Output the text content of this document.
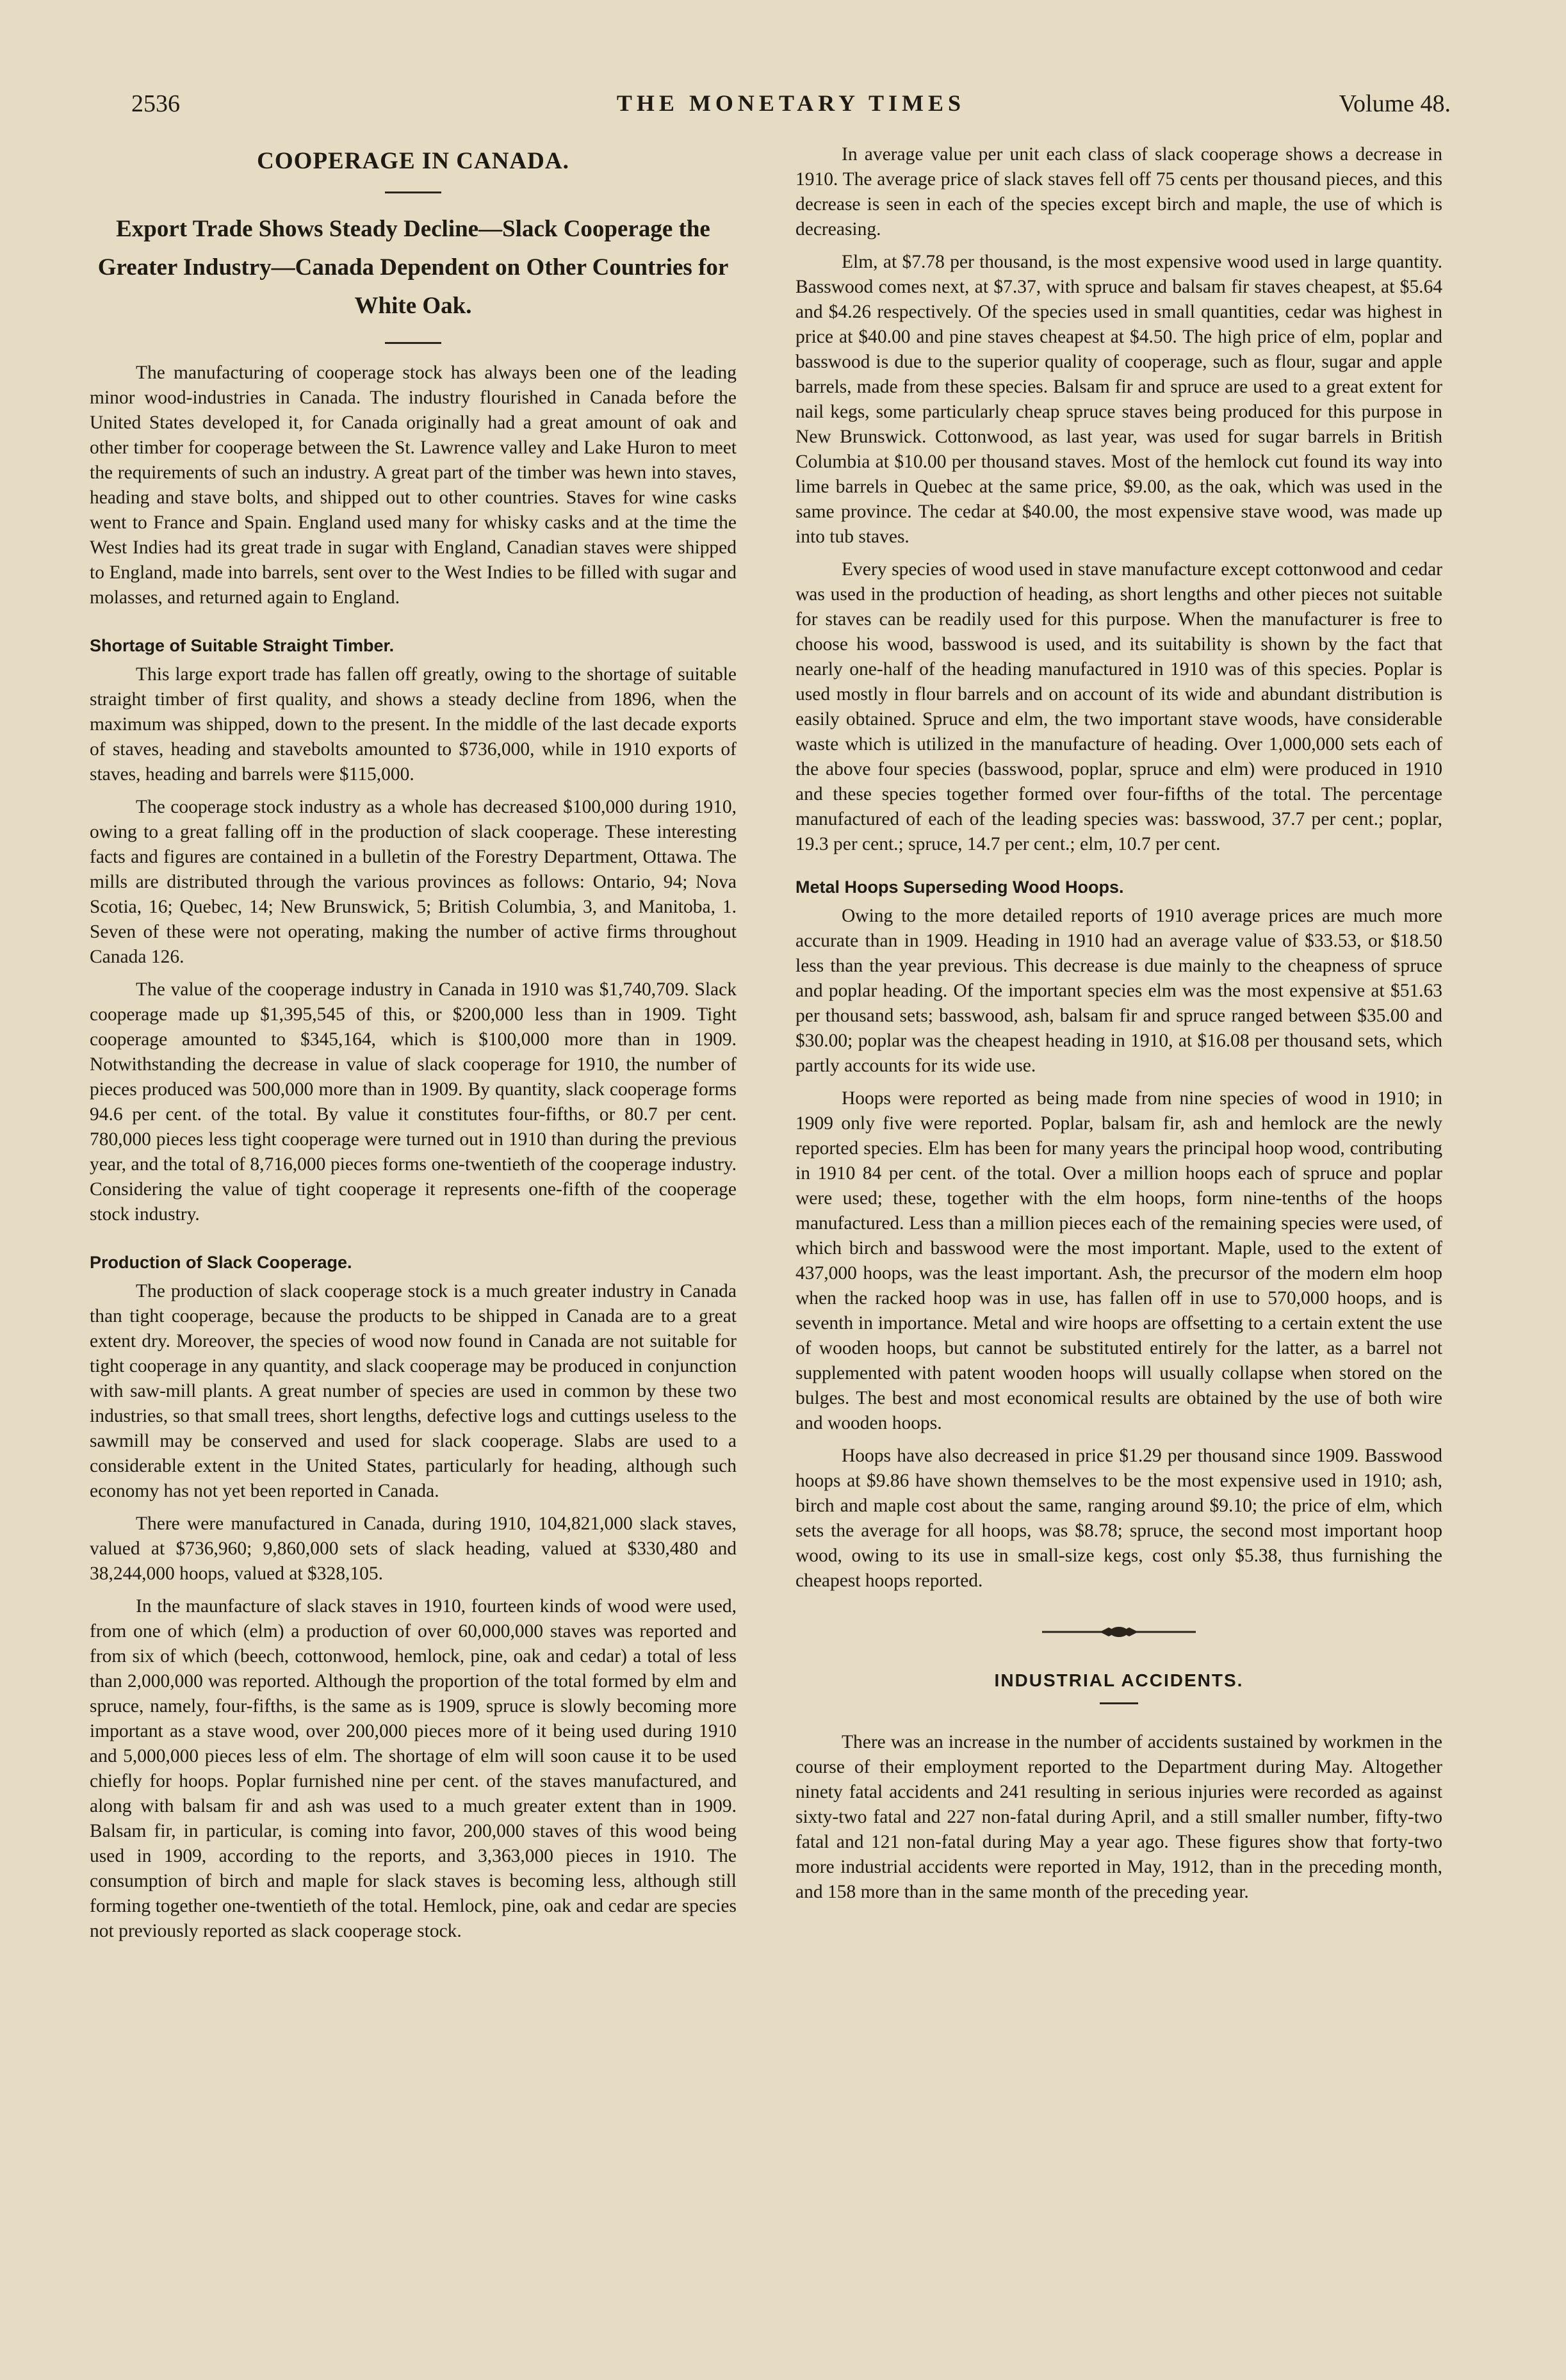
2536	THE MONETARY TIMES	Volume 48.
COOPERAGE IN CANADA.
Export Trade Shows Steady Decline—Slack Cooperage the Greater Industry—Canada Dependent on Other Countries for White Oak.

The manufacturing of cooperage stock has always been one of the leading minor wood-industries in Canada. The industry flourished in Canada before the United States developed it, for Canada originally had a great amount of oak and other timber for cooperage between the St. Lawrence valley and Lake Huron to meet the requirements of such an industry. A great part of the timber was hewn into staves, heading and stave bolts, and shipped out to other countries. Staves for wine casks went to France and Spain. England used many for whisky casks and at the time the West Indies had its great trade in sugar with England, Canadian staves were shipped to England, made into barrels, sent over to the West Indies to be filled with sugar and molasses, and returned again to England.

Shortage of Suitable Straight Timber.

This large export trade has fallen off greatly, owing to the shortage of suitable straight timber of first quality, and shows a steady decline from 1896, when the maximum was shipped, down to the present. In the middle of the last decade exports of staves, heading and stavebolts amounted to $736,000, while in 1910 exports of staves, heading and barrels were $115,000.

The cooperage stock industry as a whole has decreased $100,000 during 1910, owing to a great falling off in the production of slack cooperage. These interesting facts and figures are contained in a bulletin of the Forestry Department, Ottawa. The mills are distributed through the various provinces as follows: Ontario, 94; Nova Scotia, 16; Quebec, 14; New Brunswick, 5; British Columbia, 3, and Manitoba, 1. Seven of these were not operating, making the number of active firms throughout Canada 126.

The value of the cooperage industry in Canada in 1910 was $1,740,709. Slack cooperage made up $1,395,545 of this, or $200,000 less than in 1909. Tight cooperage amounted to $345,164, which is $100,000 more than in 1909. Notwithstanding the decrease in value of slack cooperage for 1910, the number of pieces produced was 500,000 more than in 1909. By quantity, slack cooperage forms 94.6 per cent. of the total. By value it constitutes four-fifths, or 80.7 per cent. 780,000 pieces less tight cooperage were turned out in 1910 than during the previous year, and the total of 8,716,000 pieces forms one-twentieth of the cooperage industry. Considering the value of tight cooperage it represents one-fifth of the cooperage stock industry.

Production of Slack Cooperage.

The production of slack cooperage stock is a much greater industry in Canada than tight cooperage, because the products to be shipped in Canada are to a great extent dry. Moreover, the species of wood now found in Canada are not suitable for tight cooperage in any quantity, and slack cooperage may be produced in conjunction with saw-mill plants. A great number of species are used in common by these two industries, so that small trees, short lengths, defective logs and cuttings useless to the sawmill may be conserved and used for slack cooperage. Slabs are used to a considerable extent in the United States, particularly for heading, although such economy has not yet been reported in Canada.

There were manufactured in Canada, during 1910, 104,821,000 slack staves, valued at $736,960; 9,860,000 sets of slack heading, valued at $330,480 and 38,244,000 hoops, valued at $328,105.

In the maunfacture of slack staves in 1910, fourteen kinds of wood were used, from one of which (elm) a production of over 60,000,000 staves was reported and from six of which (beech, cottonwood, hemlock, pine, oak and cedar) a total of less than 2,000,000 was reported. Although the proportion of the total formed by elm and spruce, namely, four-fifths, is the same as is 1909, spruce is slowly becoming more important as a stave wood, over 200,000 pieces more of it being used during 1910 and 5,000,000 pieces less of elm. The shortage of elm will soon cause it to be used chiefly for hoops. Poplar furnished nine per cent. of the staves manufactured, and along with balsam fir and ash was used to a much greater extent than in 1909. Balsam fir, in particular, is coming into favor, 200,000 staves of this wood being used in 1909, according to the reports, and 3,363,000 pieces in 1910. The consumption of birch and maple for slack staves is becoming less, although still forming together one-twentieth of the total. Hemlock, pine, oak and cedar are species not previously reported as slack cooperage stock.

In average value per unit each class of slack cooperage shows a decrease in 1910. The average price of slack staves fell off 75 cents per thousand pieces, and this decrease is seen in each of the species except birch and maple, the use of which is decreasing.

Elm, at $7.78 per thousand, is the most expensive wood used in large quantity. Basswood comes next, at $7.37, with spruce and balsam fir staves cheapest, at $5.64 and $4.26 respectively. Of the species used in small quantities, cedar was highest in price at $40.00 and pine staves cheapest at $4.50. The high price of elm, poplar and basswood is due to the superior quality of cooperage, such as flour, sugar and apple barrels, made from these species. Balsam fir and spruce are used to a great extent for nail kegs, some particularly cheap spruce staves being produced for this purpose in New Brunswick. Cottonwood, as last year, was used for sugar barrels in British Columbia at $10.00 per thousand staves. Most of the hemlock cut found its way into lime barrels in Quebec at the same price, $9.00, as the oak, which was used in the same province. The cedar at $40.00, the most expensive stave wood, was made up into tub staves.

Every species of wood used in stave manufacture except cottonwood and cedar was used in the production of heading, as short lengths and other pieces not suitable for staves can be readily used for this purpose. When the manufacturer is free to choose his wood, basswood is used, and its suitability is shown by the fact that nearly one-half of the heading manufactured in 1910 was of this species. Poplar is used mostly in flour barrels and on account of its wide and abundant distribution is easily obtained. Spruce and elm, the two important stave woods, have considerable waste which is utilized in the manufacture of heading. Over 1,000,000 sets each of the above four species (basswood, poplar, spruce and elm) were produced in 1910 and these species together formed over four-fifths of the total. The percentage manufactured of each of the leading species was: basswood, 37.7 per cent.; poplar, 19.3 per cent.; spruce, 14.7 per cent.; elm, 10.7 per cent.

Metal Hoops Superseding Wood Hoops.

Owing to the more detailed reports of 1910 average prices are much more accurate than in 1909. Heading in 1910 had an average value of $33.53, or $18.50 less than the year previous. This decrease is due mainly to the cheapness of spruce and poplar heading. Of the important species elm was the most expensive at $51.63 per thousand sets; basswood, ash, balsam fir and spruce ranged between $35.00 and $30.00; poplar was the cheapest heading in 1910, at $16.08 per thousand sets, which partly accounts for its wide use.

Hoops were reported as being made from nine species of wood in 1910; in 1909 only five were reported. Poplar, balsam fir, ash and hemlock are the newly reported species. Elm has been for many years the principal hoop wood, contributing in 1910 84 per cent. of the total. Over a million hoops each of spruce and poplar were used; these, together with the elm hoops, form nine-tenths of the hoops manufactured. Less than a million pieces each of the remaining species were used, of which birch and basswood were the most important. Maple, used to the extent of 437,000 hoops, was the least important. Ash, the precursor of the modern elm hoop when the racked hoop was in use, has fallen off in use to 570,000 hoops, and is seventh in importance. Metal and wire hoops are offsetting to a certain extent the use of wooden hoops, but cannot be substituted entirely for the latter, as a barrel not supplemented with patent wooden hoops will usually collapse when stored on the bulges. The best and most economical results are obtained by the use of both wire and wooden hoops.

Hoops have also decreased in price $1.29 per thousand since 1909. Basswood hoops at $9.86 have shown themselves to be the most expensive used in 1910; ash, birch and maple cost about the same, ranging around $9.10; the price of elm, which sets the average for all hoops, was $8.78; spruce, the second most important hoop wood, owing to its use in small-size kegs, cost only $5.38, thus furnishing the cheapest hoops reported.

INDUSTRIAL ACCIDENTS.

There was an increase in the number of accidents sustained by workmen in the course of their employment reported to the Department during May. Altogether ninety fatal accidents and 241 resulting in serious injuries were recorded as against sixty-two fatal and 227 non-fatal during April, and a still smaller number, fifty-two fatal and 121 non-fatal during May a year ago. These figures show that forty-two more industrial accidents were reported in May, 1912, than in the preceding month, and 158 more than in the same month of the preceding year.
